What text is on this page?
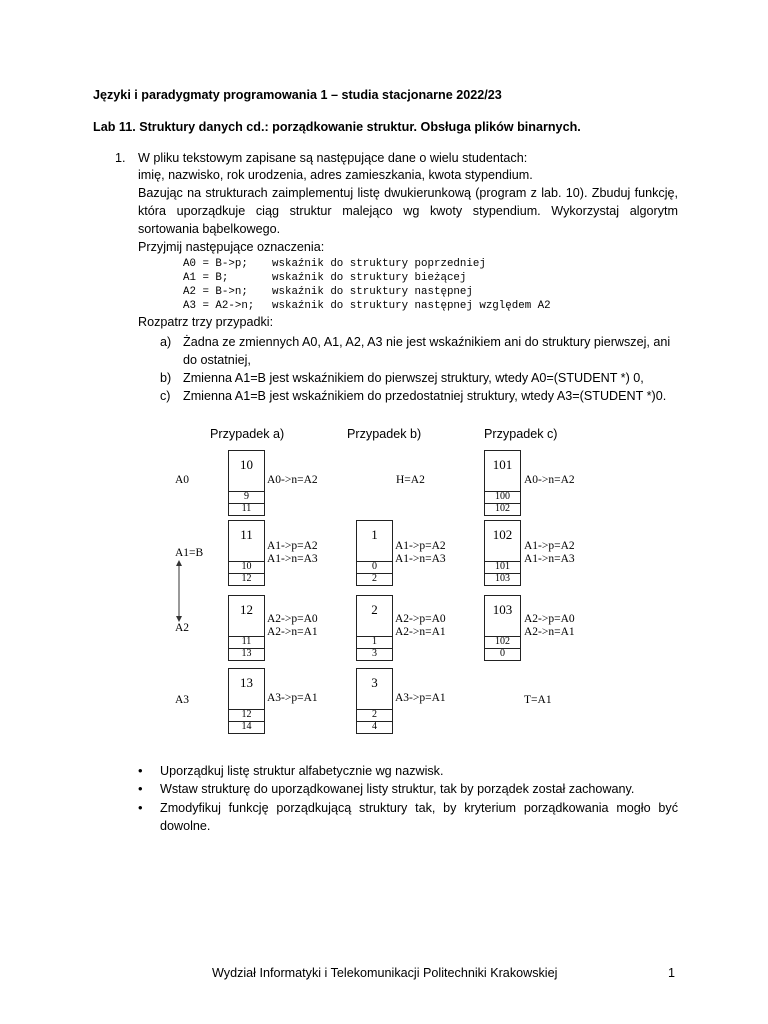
Języki i paradygmaty programowania 1 – studia stacjonarne 2022/23
Lab 11. Struktury danych cd.: porządkowanie struktur. Obsługa plików binarnych.
1. W pliku tekstowym zapisane są następujące dane o wielu studentach:
imię, nazwisko, rok urodzenia, adres zamieszkania, kwota stypendium.
Bazując na strukturach zaimplementuj listę dwukierunkową (program z lab. 10). Zbuduj funkcję, która uporządkuje ciąg struktur malejąco wg kwoty stypendium. Wykorzystaj algorytm sortowania bąbelkowego.
Przyjmij następujące oznaczenia:
A0 = B->p; wskaźnik do struktury poprzedniej
A1 = B;	wskaźnik do struktury bieżącej
A2 = B->n; wskaźnik do struktury następnej
A3 = A2->n; wskaźnik do struktury następnej względem A2
Rozpatrz trzy przypadki:
a) Żadna ze zmiennych A0, A1, A2, A3 nie jest wskaźnikiem ani do struktury pierwszej, ani
do ostatniej,
b) Zmienna A1=B jest wskaźnikiem do pierwszej struktury, wtedy A0=(STUDENT *) 0,
c) Zmienna A1=B jest wskaźnikiem do przedostatniej struktury, wtedy A3=(STUDENT *)0.
Przypadek a)	Przypadek b)	Przypadek c)
A0
A1=B
A2
A3
10
9
11
A0->n=A2
11
10
12
A1->p=A2
A1->n=A3
12
11
13
A2->p=A0
A2->n=A1
13
12
14
A3->p=A1
H=A2
1
0
2
A1->p=A2
A1->n=A3
2
1
3
A2->p=A0
A2->n=A1
3
2
4
A3->p=A1
101
100
102
A0->n=A2
102
101
103
A1->p=A2
A1->n=A3
103
102
0
A2->p=A0
A2->n=A1
T=A1
• Uporządkuj listę struktur alfabetycznie wg nazwisk.
• Wstaw strukturę do uporządkowanej listy struktur, tak by porządek został zachowany.
• Zmodyfikuj funkcję porządkującą struktury tak, by kryterium porządkowania mogło być dowolne.
Wydział Informatyki i Telekomunikacji Politechniki Krakowskiej	1
